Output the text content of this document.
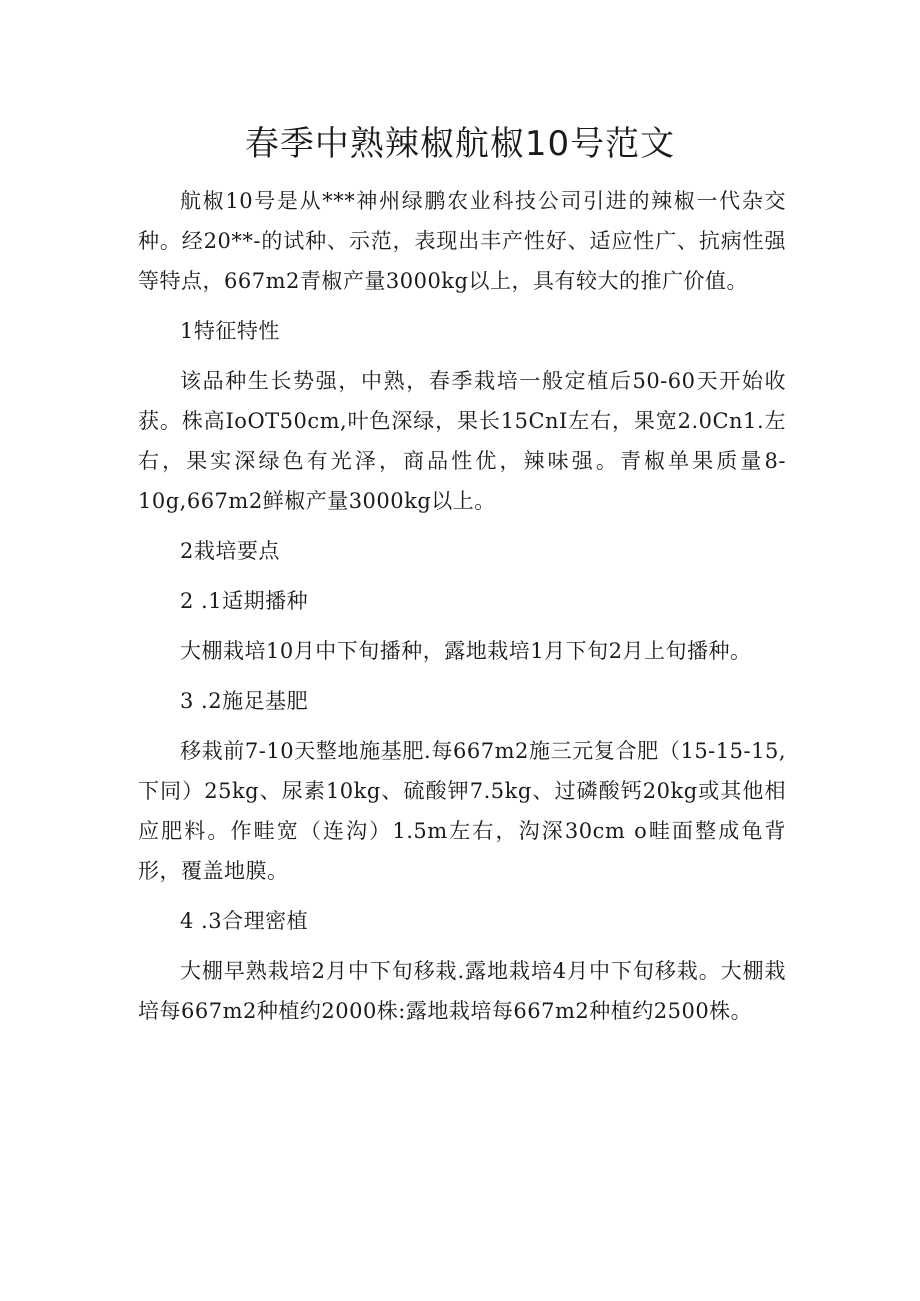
春季中熟辣椒航椒10号范文

航椒10号是从***神州绿鹏农业科技公司引进的辣椒一代杂交种。经20**-的试种、示范，表现出丰产性好、适应性广、抗病性强等特点，667m2青椒产量3000kg以上，具有较大的推广价值。

1特征特性

该品种生长势强，中熟，春季栽培一般定植后50-60天开始收获。株高IoOT50cm,叶色深绿，果长15CnI左右，果宽2.0Cn1.左右，果实深绿色有光泽，商品性优，辣味强。青椒单果质量8-10g,667m2鲜椒产量3000kg以上。

2栽培要点

2 .1适期播种

大棚栽培10月中下旬播种，露地栽培1月下旬2月上旬播种。

3 .2施足基肥

移栽前7-10天整地施基肥.每667m2施三元复合肥（15-15-15,下同）25kg、尿素10kg、硫酸钾7.5kg、过磷酸钙20kg或其他相应肥料。作畦宽（连沟）1.5m左右，沟深30cm o畦面整成龟背形，覆盖地膜。

4 .3合理密植

大棚早熟栽培2月中下旬移栽.露地栽培4月中下旬移栽。大棚栽培每667m2种植约2000株:露地栽培每667m2种植约2500株。
